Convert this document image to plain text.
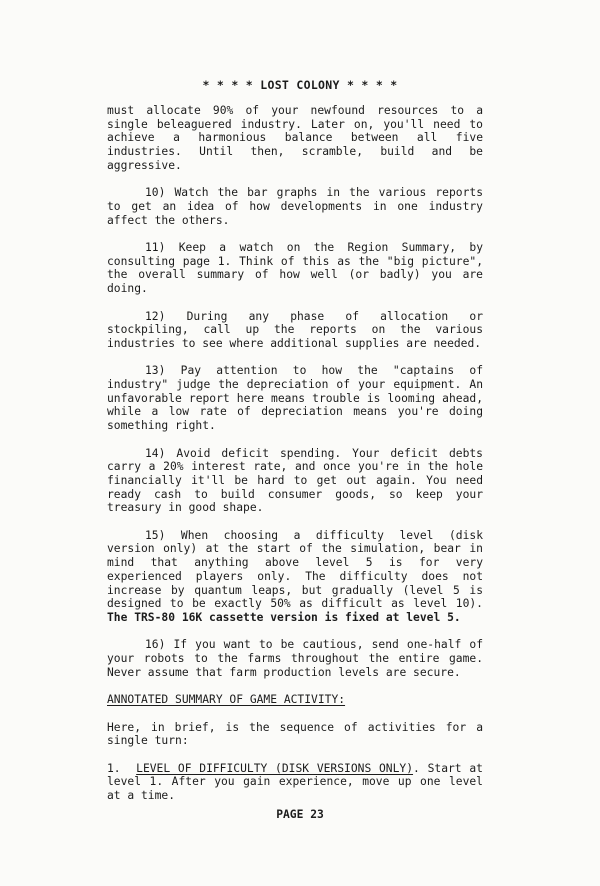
* * * * LOST COLONY * * * *

must allocate 90% of your newfound resources to a single beleaguered industry. Later on, you'll need to achieve a harmonious balance between all five industries. Until then, scramble, build and be aggressive.

10) Watch the bar graphs in the various reports to get an idea of how developments in one industry affect the others.

11) Keep a watch on the Region Summary, by consulting page 1. Think of this as the "big picture", the overall summary of how well (or badly) you are doing.

12) During any phase of allocation or stockpiling, call up the reports on the various industries to see where additional supplies are needed.

13) Pay attention to how the "captains of industry" judge the depreciation of your equipment. An unfavorable report here means trouble is looming ahead, while a low rate of depreciation means you're doing something right.

14) Avoid deficit spending. Your deficit debts carry a 20% interest rate, and once you're in the hole financially it'll be hard to get out again. You need ready cash to build consumer goods, so keep your treasury in good shape.

15) When choosing a difficulty level (disk version only) at the start of the simulation, bear in mind that anything above level 5 is for very experienced players only. The difficulty does not increase by quantum leaps, but gradually (level 5 is designed to be exactly 50% as difficult as level 10). The TRS-80 16K cassette version is fixed at level 5.

16) If you want to be cautious, send one-half of your robots to the farms throughout the entire game. Never assume that farm production levels are secure.

ANNOTATED SUMMARY OF GAME ACTIVITY:

Here, in brief, is the sequence of activities for a single turn:

1. LEVEL OF DIFFICULTY (DISK VERSIONS ONLY). Start at level 1. After you gain experience, move up one level at a time.

PAGE 23
